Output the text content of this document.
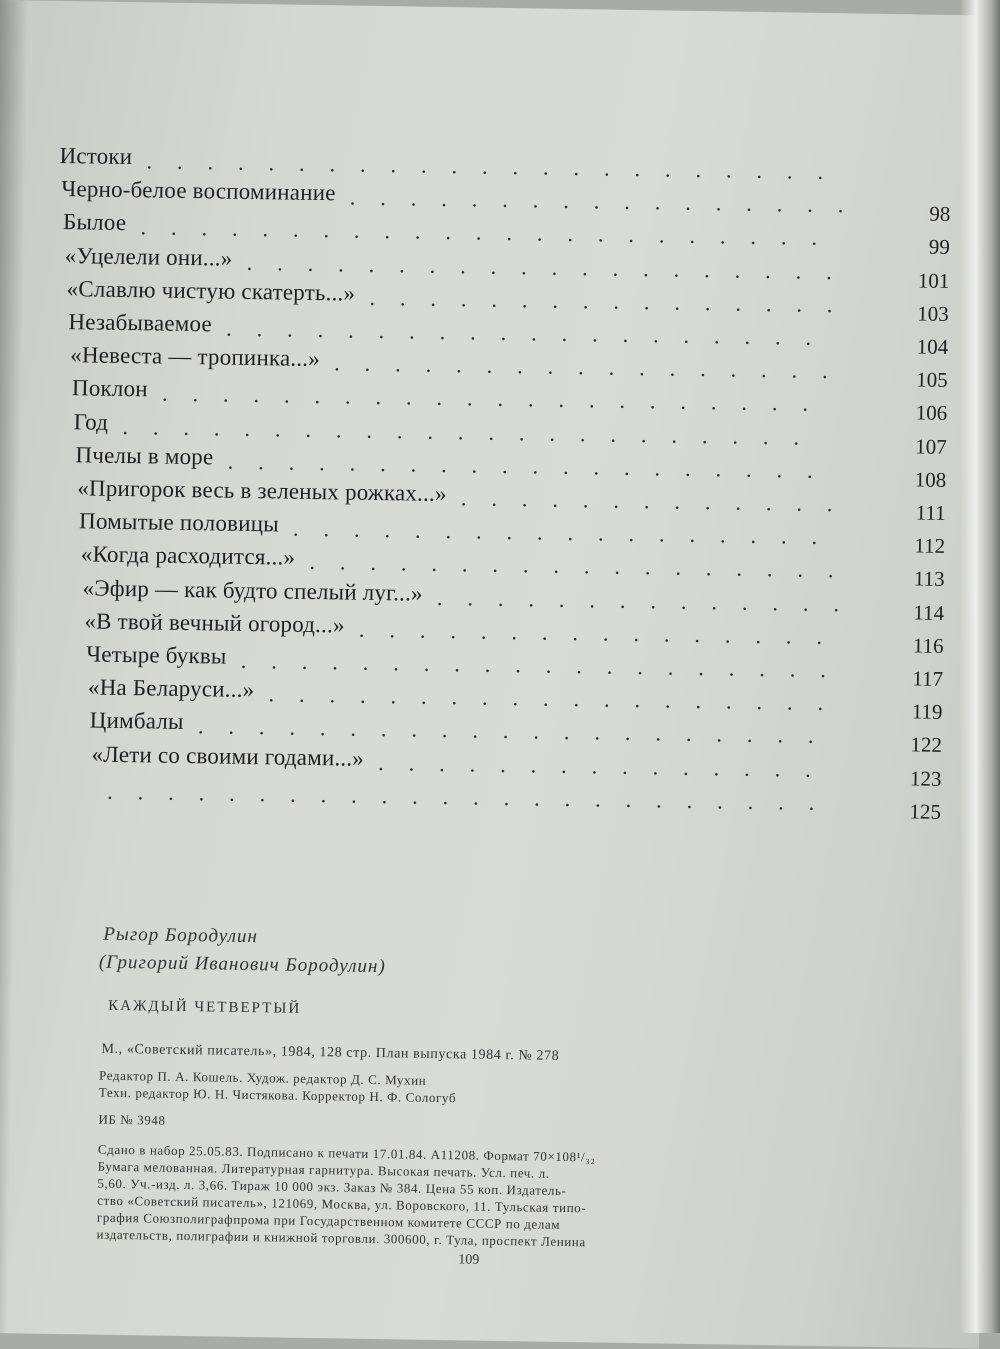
Истоки .......................
Черно-белое воспоминание .................	98
Былое .......................	99
«Уцелели они...» ....................	101
«Славлю чистую скатерть...» ................	103
Незабываемое ....................	104
«Невеста — тропинка...» .................	105
Поклон ......................	106
Год .......................	107
Пчелы в море ....................	108
«Пригорок весь в зеленых рожках...» .............	111
Помытые половицы ..................	112
«Когда расходится...» ..................	113
«Эфир — как будто спелый луг...» .............. 114
«В твой вечный огород...» ................	116
Четыре буквы ....................	117
«На Беларуси...» ...................	119
Цимбалы .....................	122
«Лети со своими годами...» ...............	123
........................	125
Рыгор Бородулин
(Григорий Иванович Бородулин)
КАЖДЫЙ ЧЕТВЕРТЫЙ
М., «Советский писатель», 1984, 128 стр. План выпуска 1984 г. № 278
Редактор П. А. Кошель. Худож. редактор Д. С. Мухин
Техн. редактор Ю. Н. Чистякова. Корректор Н. Ф. Сологуб
ИБ № 3948
Сдано в набор 25.05.83. Подписано к печати 17.01.84. А11208. Формат 70×108¹/₃₂
Бумага мелованная. Литературная гарнитура. Высокая печать. Усл. печ. л.
5,60. Уч.-изд. л. 3,66. Тираж 10 000 экз. Заказ № 384. Цена 55 коп. Издатель-
ство «Советский писатель», 121069, Москва, ул. Воровского, 11. Тульская типо-
графия Союзполиграфпрома при Государственном комитете СССР по делам
издательств, полиграфии и книжной торговли. 300600, г. Тула, проспект Ленина
109
